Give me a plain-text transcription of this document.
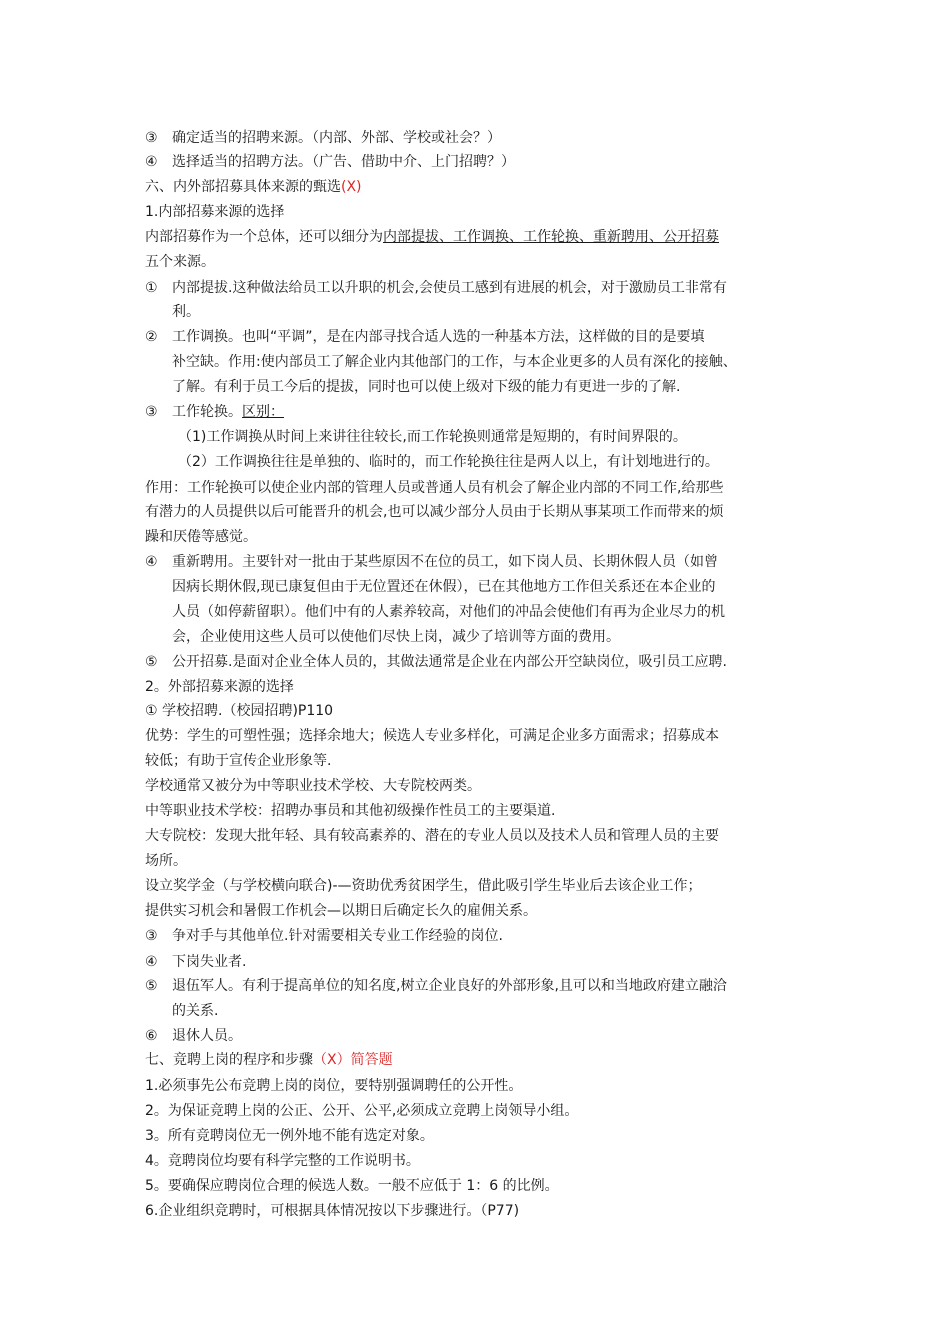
③ 确定适当的招聘来源。（内部、外部、学校或社会？）
④ 选择适当的招聘方法。（广告、借助中介、上门招聘？）
六、内外部招募具体来源的甄选(X)
1.内部招募来源的选择
内部招募作为一个总体，还可以细分为内部提拔、工作调换、工作轮换、重新聘用、公开招募
五个来源。
① 内部提拔.这种做法给员工以升职的机会,会使员工感到有进展的机会，对于激励员工非常有
利。
② 工作调换。也叫“平调”，是在内部寻找合适人选的一种基本方法，这样做的目的是要填
补空缺。作用:使内部员工了解企业内其他部门的工作，与本企业更多的人员有深化的接触、
了解。有利于员工今后的提拔，同时也可以使上级对下级的能力有更进一步的了解.
③ 工作轮换。区别：
（1)工作调换从时间上来讲往往较长,而工作轮换则通常是短期的，有时间界限的。
（2）工作调换往往是单独的、临时的，而工作轮换往往是两人以上，有计划地进行的。
作用：工作轮换可以使企业内部的管理人员或普通人员有机会了解企业内部的不同工作,给那些
有潜力的人员提供以后可能晋升的机会,也可以减少部分人员由于长期从事某项工作而带来的烦
躁和厌倦等感觉。
④ 重新聘用。主要针对一批由于某些原因不在位的员工，如下岗人员、长期休假人员（如曾
因病长期休假,现已康复但由于无位置还在休假），已在其他地方工作但关系还在本企业的
人员（如停薪留职）。他们中有的人素养较高，对他们的冲品会使他们有再为企业尽力的机
会，企业使用这些人员可以使他们尽快上岗，减少了培训等方面的费用。
⑤ 公开招募.是面对企业全体人员的，其做法通常是企业在内部公开空缺岗位，吸引员工应聘.
2。外部招募来源的选择
① 学校招聘.（校园招聘)P110
优势：学生的可塑性强；选择余地大；候选人专业多样化，可满足企业多方面需求；招募成本
较低；有助于宣传企业形象等.
学校通常又被分为中等职业技术学校、大专院校两类。
中等职业技术学校：招聘办事员和其他初级操作性员工的主要渠道.
大专院校：发现大批年轻、具有较高素养的、潜在的专业人员以及技术人员和管理人员的主要
场所。
设立奖学金（与学校横向联合)-—资助优秀贫困学生，借此吸引学生毕业后去该企业工作；
提供实习机会和暑假工作机会—以期日后确定长久的雇佣关系。
③ 争对手与其他单位.针对需要相关专业工作经验的岗位.
④ 下岗失业者.
⑤ 退伍军人。有利于提高单位的知名度,树立企业良好的外部形象,且可以和当地政府建立融洽
的关系.
⑥ 退休人员。
七、竞聘上岗的程序和步骤（X）简答题
1.必须事先公布竞聘上岗的岗位，要特别强调聘任的公开性。
2。为保证竞聘上岗的公正、公开、公平,必须成立竞聘上岗领导小组。
3。所有竞聘岗位无一例外地不能有选定对象。
4。竞聘岗位均要有科学完整的工作说明书。
5。要确保应聘岗位合理的候选人数。一般不应低于 1：6 的比例。
6.企业组织竞聘时，可根据具体情况按以下步骤进行。（P77)
